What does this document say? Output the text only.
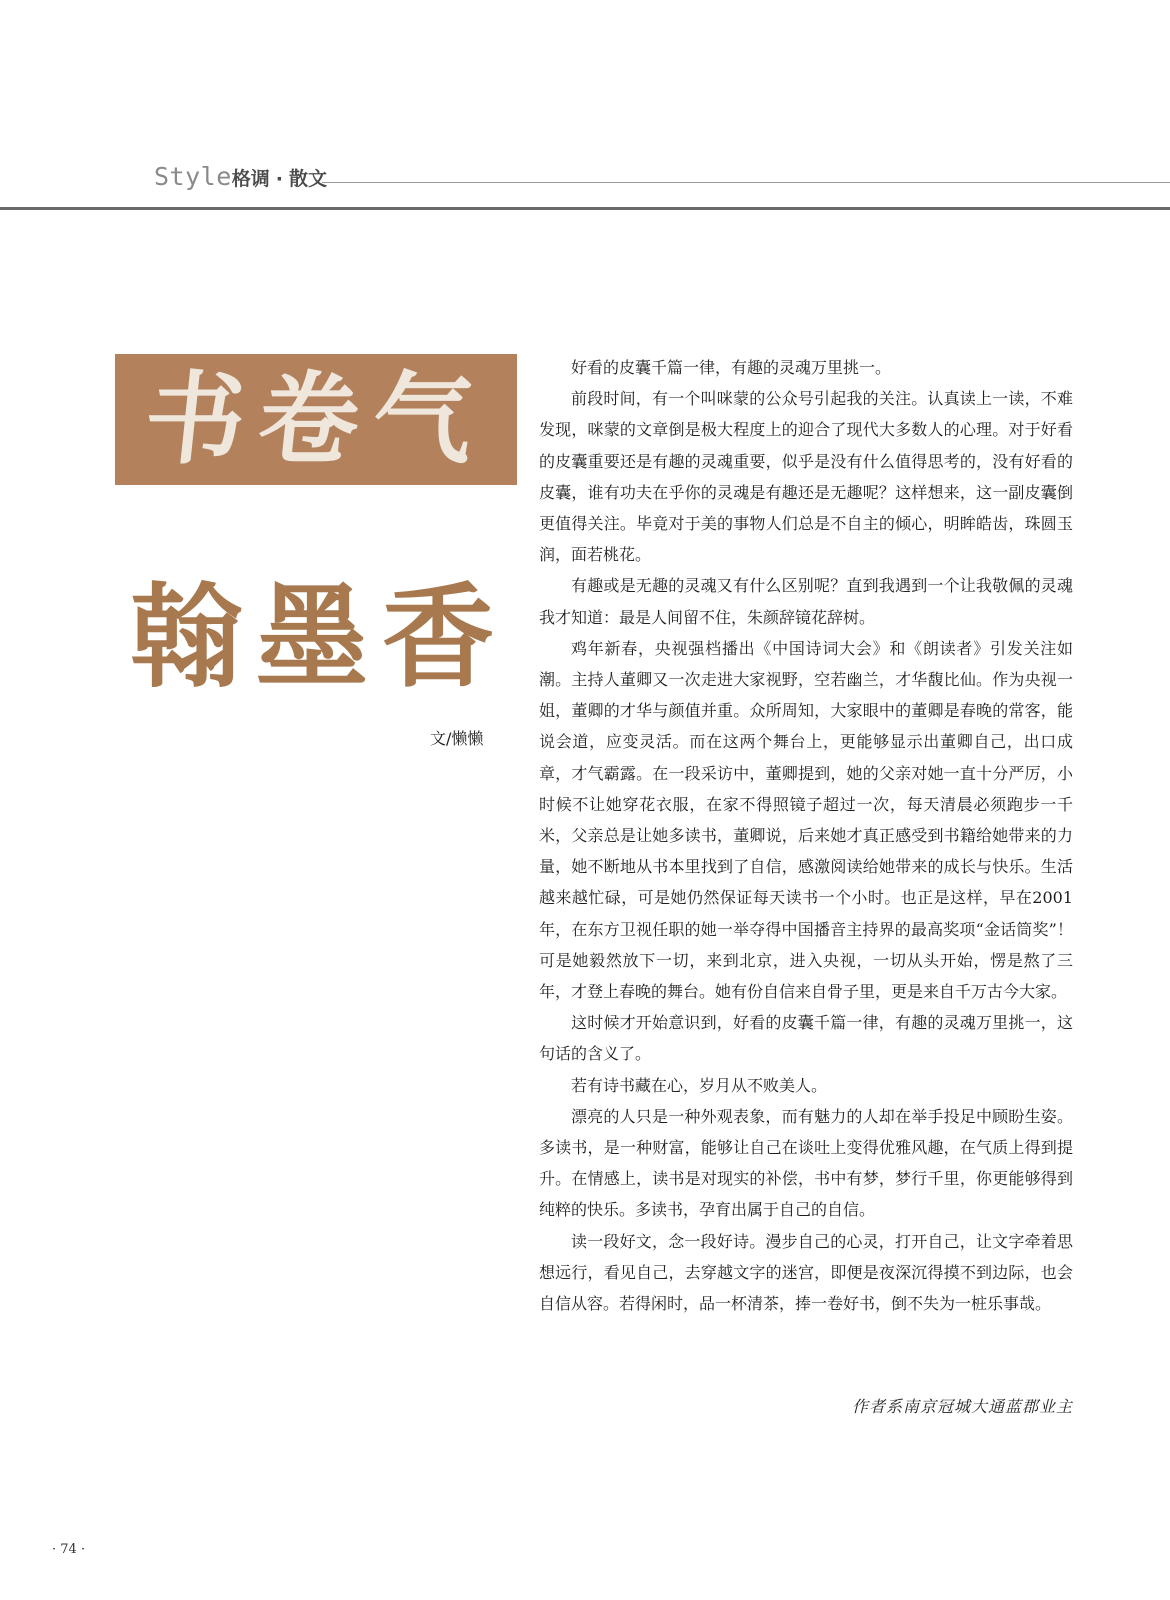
Style 格调 · 散文
书卷气
翰墨香
文/懒懒

好看的皮囊千篇一律，有趣的灵魂万里挑一。

前段时间，有一个叫咪蒙的公众号引起我的关注。认真读上一读，不难发现，咪蒙的文章倒是极大程度上的迎合了现代大多数人的心理。对于好看的皮囊重要还是有趣的灵魂重要，似乎是没有什么值得思考的，没有好看的皮囊，谁有功夫在乎你的灵魂是有趣还是无趣呢？这样想来，这一副皮囊倒更值得关注。毕竟对于美的事物人们总是不自主的倾心，明眸皓齿，珠圆玉润，面若桃花。

有趣或是无趣的灵魂又有什么区别呢？直到我遇到一个让我敬佩的灵魂我才知道：最是人间留不住，朱颜辞镜花辞树。

鸡年新春，央视强档播出《中国诗词大会》和《朗读者》引发关注如潮。主持人董卿又一次走进大家视野，空若幽兰，才华馥比仙。作为央视一姐，董卿的才华与颜值并重。众所周知，大家眼中的董卿是春晚的常客，能说会道，应变灵活。而在这两个舞台上，更能够显示出董卿自己，出口成章，才气霸露。在一段采访中，董卿提到，她的父亲对她一直十分严厉，小时候不让她穿花衣服，在家不得照镜子超过一次，每天清晨必须跑步一千米，父亲总是让她多读书，董卿说，后来她才真正感受到书籍给她带来的力量，她不断地从书本里找到了自信，感激阅读给她带来的成长与快乐。生活越来越忙碌，可是她仍然保证每天读书一个小时。也正是这样，早在2001年，在东方卫视任职的她一举夺得中国播音主持界的最高奖项“金话筒奖”！可是她毅然放下一切，来到北京，进入央视，一切从头开始，愣是熬了三年，才登上春晚的舞台。她有份自信来自骨子里，更是来自千万古今大家。

这时候才开始意识到，好看的皮囊千篇一律，有趣的灵魂万里挑一，这句话的含义了。

若有诗书藏在心，岁月从不败美人。

漂亮的人只是一种外观表象，而有魅力的人却在举手投足中顾盼生姿。多读书，是一种财富，能够让自己在谈吐上变得优雅风趣，在气质上得到提升。在情感上，读书是对现实的补偿，书中有梦，梦行千里，你更能够得到纯粹的快乐。多读书，孕育出属于自己的自信。

读一段好文，念一段好诗。漫步自己的心灵，打开自己，让文字牵着思想远行，看见自己，去穿越文字的迷宫，即便是夜深沉得摸不到边际，也会自信从容。若得闲时，品一杯清茶，捧一卷好书，倒不失为一桩乐事哉。

作者系南京冠城大通蓝郡业主
· 74 ·
